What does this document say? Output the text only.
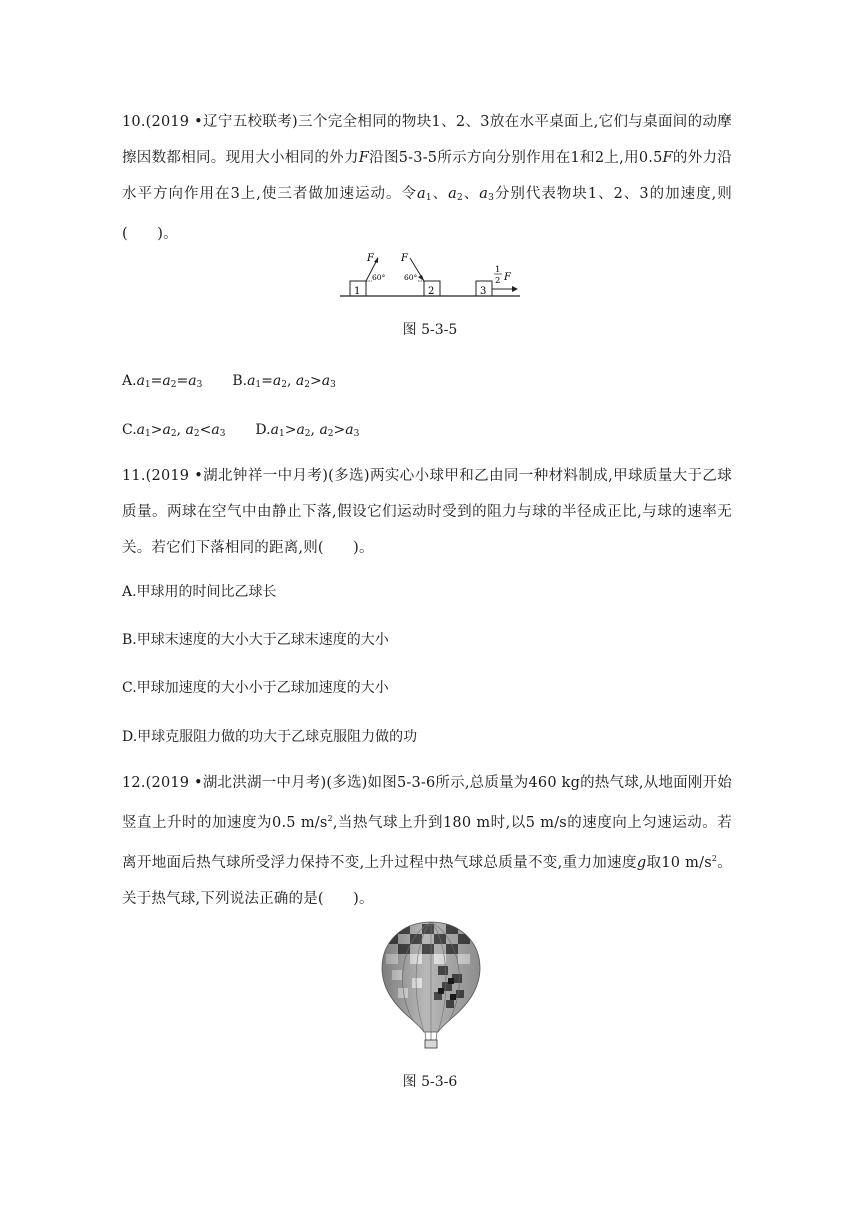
10.(2019 •辽宁五校联考)三个完全相同的物块1、2、3放在水平桌面上,它们与桌面间的动摩擦因数都相同。现用大小相同的外力F沿图5-3-5所示方向分别作用在1和2上,用0.5F的外力沿水平方向作用在3上,使三者做加速运动。令$a_1$、$a_2$、$a_3$分别代表物块1、2、3的加速度,则(　　)。
1
F
60°
2
F
60°
3
1
2 F
图 5-3-5
$A.a_1=a_2=a_3$ $B.a_1=a_2$, $a_2>a_3$
$C.a_1>a_2$, $a_2<a_3$ $D.a_1>a_2$, $a_2>a_3$
11.(2019 •湖北钟祥一中月考)(多选)两实心小球甲和乙由同一种材料制成,甲球质量大于乙球质量。两球在空气中由静止下落,假设它们运动时受到的阻力与球的半径成正比,与球的速率无关。若它们下落相同的距离,则(　　)。
A.甲球用的时间比乙球长
B.甲球末速度的大小大于乙球末速度的大小
C.甲球加速度的大小小于乙球加速度的大小
D.甲球克服阻力做的功大于乙球克服阻力做的功
12.(2019 •湖北洪湖一中月考)(多选)如图5-3-6所示,总质量为460 kg的热气球,从地面刚开始竖直上升时的加速度为0.5 $m/s^2$,当热气球上升到180 m时,以5 m/s的速度向上匀速运动。若离开地面后热气球所受浮力保持不变,上升过程中热气球总质量不变,重力加速度g取10 $m/s^2$。关于热气球,下列说法正确的是(　　)。
图 5-3-6
